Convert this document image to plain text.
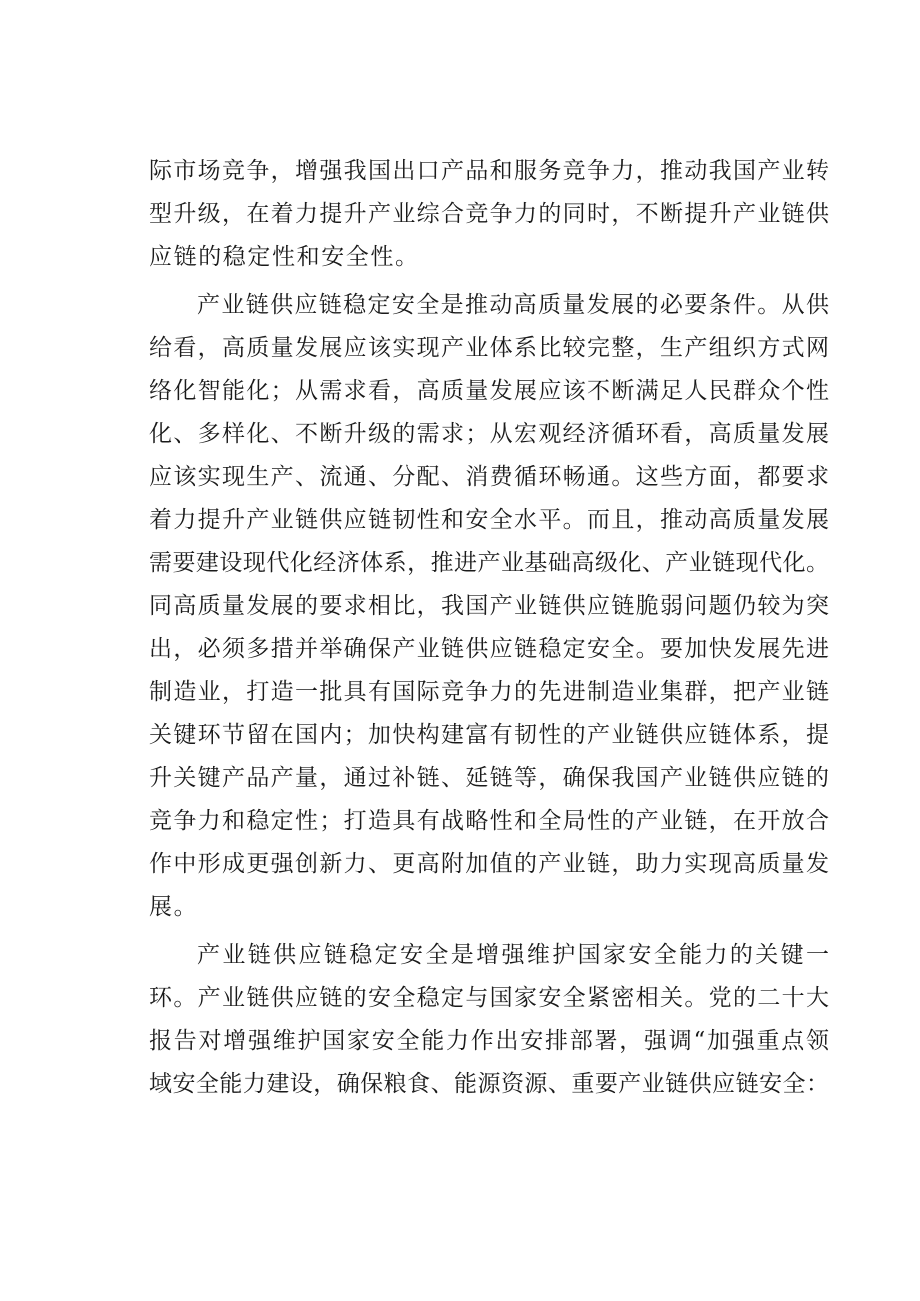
际市场竞争，增强我国出口产品和服务竞争力，推动我国产业转
型升级，在着力提升产业综合竞争力的同时，不断提升产业链供
应链的稳定性和安全性。
产业链供应链稳定安全是推动高质量发展的必要条件。从供
给看，高质量发展应该实现产业体系比较完整，生产组织方式网
络化智能化；从需求看，高质量发展应该不断满足人民群众个性
化、多样化、不断升级的需求；从宏观经济循环看，高质量发展
应该实现生产、流通、分配、消费循环畅通。这些方面，都要求
着力提升产业链供应链韧性和安全水平。而且，推动高质量发展
需要建设现代化经济体系，推进产业基础高级化、产业链现代化。
同高质量发展的要求相比，我国产业链供应链脆弱问题仍较为突
出，必须多措并举确保产业链供应链稳定安全。要加快发展先进
制造业，打造一批具有国际竞争力的先进制造业集群，把产业链
关键环节留在国内；加快构建富有韧性的产业链供应链体系，提
升关键产品产量，通过补链、延链等，确保我国产业链供应链的
竞争力和稳定性；打造具有战略性和全局性的产业链，在开放合
作中形成更强创新力、更高附加值的产业链，助力实现高质量发
展。
产业链供应链稳定安全是增强维护国家安全能力的关键一
环。产业链供应链的安全稳定与国家安全紧密相关。党的二十大
报告对增强维护国家安全能力作出安排部署，强调“加强重点领
域安全能力建设，确保粮食、能源资源、重要产业链供应链安全：
